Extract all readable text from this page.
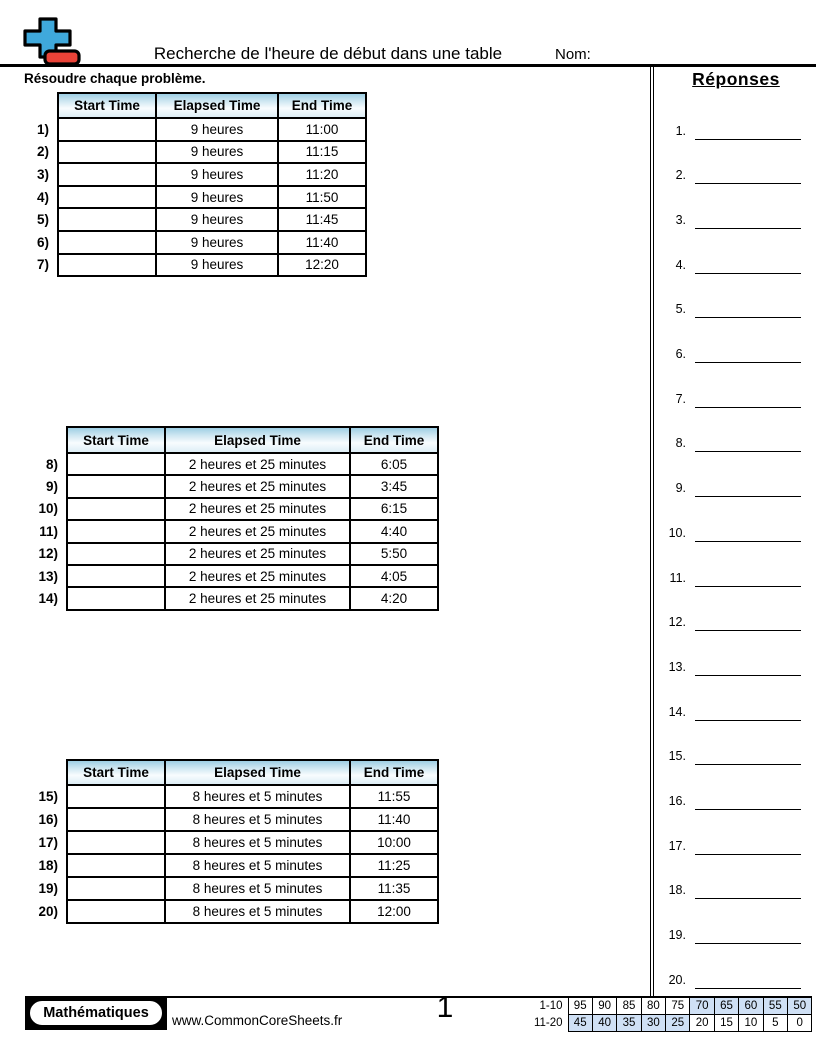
Recherche de l'heure de début dans une table	Nom:
Résoudre chaque problème.
	Start Time	Elapsed Time	End Time
1)		9 heures	11:00
2)		9 heures	11:15
3)		9 heures	11:20
4)		9 heures	11:50
5)		9 heures	11:45
6)		9 heures	11:40
7)		9 heures	12:20
	Start Time	Elapsed Time	End Time
8)		2 heures et 25 minutes	6:05
9)		2 heures et 25 minutes	3:45
10)		2 heures et 25 minutes	6:15
11)		2 heures et 25 minutes	4:40
12)		2 heures et 25 minutes	5:50
13)		2 heures et 25 minutes	4:05
14)		2 heures et 25 minutes	4:20
	Start Time	Elapsed Time	End Time
15)		8 heures et 5 minutes	11:55
16)		8 heures et 5 minutes	11:40
17)		8 heures et 5 minutes	10:00
18)		8 heures et 5 minutes	11:25
19)		8 heures et 5 minutes	11:35
20)		8 heures et 5 minutes	12:00
Réponses
1.
2.
3.
4.
5.
6.
7.
8.
9.
10.
11.
12.
13.
14.
15.
16.
17.
18.
19.
20.
Mathématiques	www.CommonCoreSheets.fr	1	1-10	95	90	85	80	75	70	65	60	55	50
11-20	45	40	35	30	25	20	15	10	5	0
